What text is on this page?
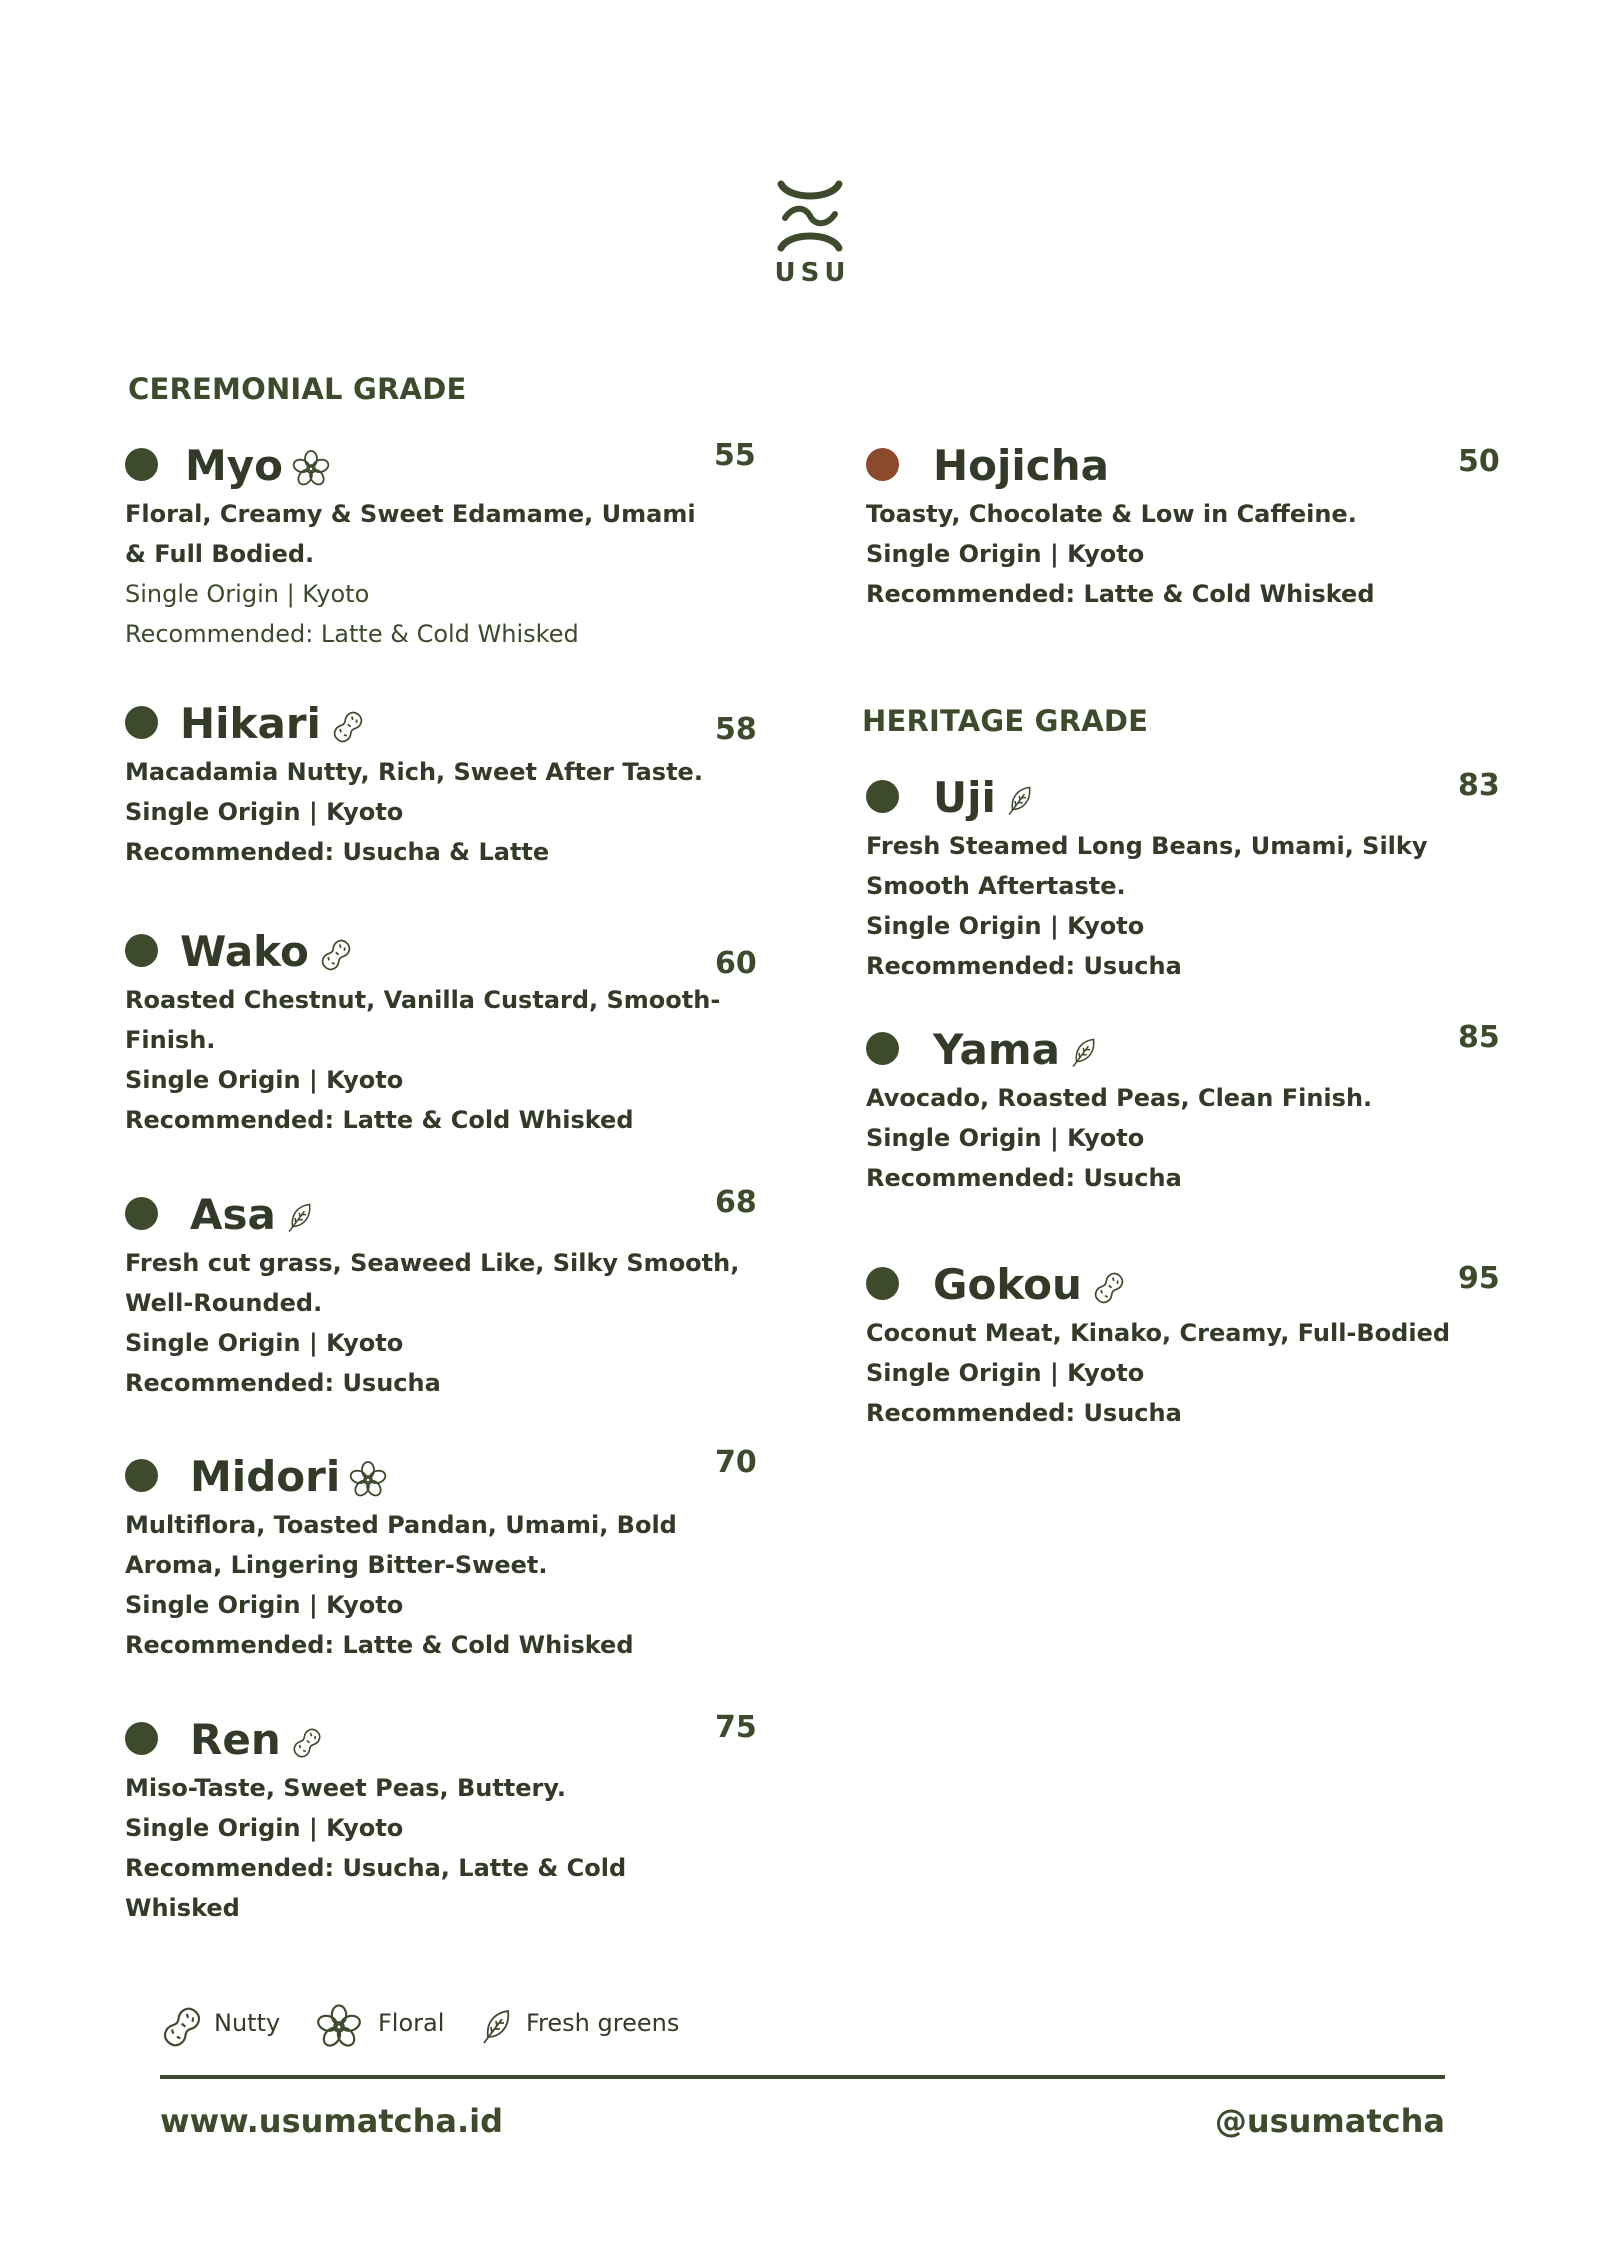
USU
CEREMONIAL GRADE
HERITAGE GRADE
Myo	55
Floral, Creamy & Sweet Edamame, Umami
& Full Bodied.
Single Origin | Kyoto
Recommended: Latte & Cold Whisked
Hikari	58
Macadamia Nutty, Rich, Sweet After Taste.
Single Origin | Kyoto
Recommended: Usucha & Latte
Wako	60
Roasted Chestnut, Vanilla Custard, Smooth-
Finish.
Single Origin | Kyoto
Recommended: Latte & Cold Whisked
Asa	68
Fresh cut grass, Seaweed Like, Silky Smooth,
Well-Rounded.
Single Origin | Kyoto
Recommended: Usucha
Midori	70
Multiflora, Toasted Pandan, Umami, Bold
Aroma, Lingering Bitter-Sweet.
Single Origin | Kyoto
Recommended: Latte & Cold Whisked
Ren	75
Miso-Taste, Sweet Peas, Buttery.
Single Origin | Kyoto
Recommended: Usucha, Latte & Cold Whisked
Hojicha	50
Toasty, Chocolate & Low in Caffeine.
Single Origin | Kyoto
Recommended: Latte & Cold Whisked
Uji	83
Fresh Steamed Long Beans, Umami, Silky
Smooth Aftertaste.
Single Origin | Kyoto
Recommended: Usucha
Yama	85
Avocado, Roasted Peas, Clean Finish.
Single Origin | Kyoto
Recommended: Usucha
Gokou	95
Coconut Meat, Kinako, Creamy, Full-Bodied
Single Origin | Kyoto
Recommended: Usucha
Nutty	Floral	Fresh greens
www.usumatcha.id	@usumatcha
